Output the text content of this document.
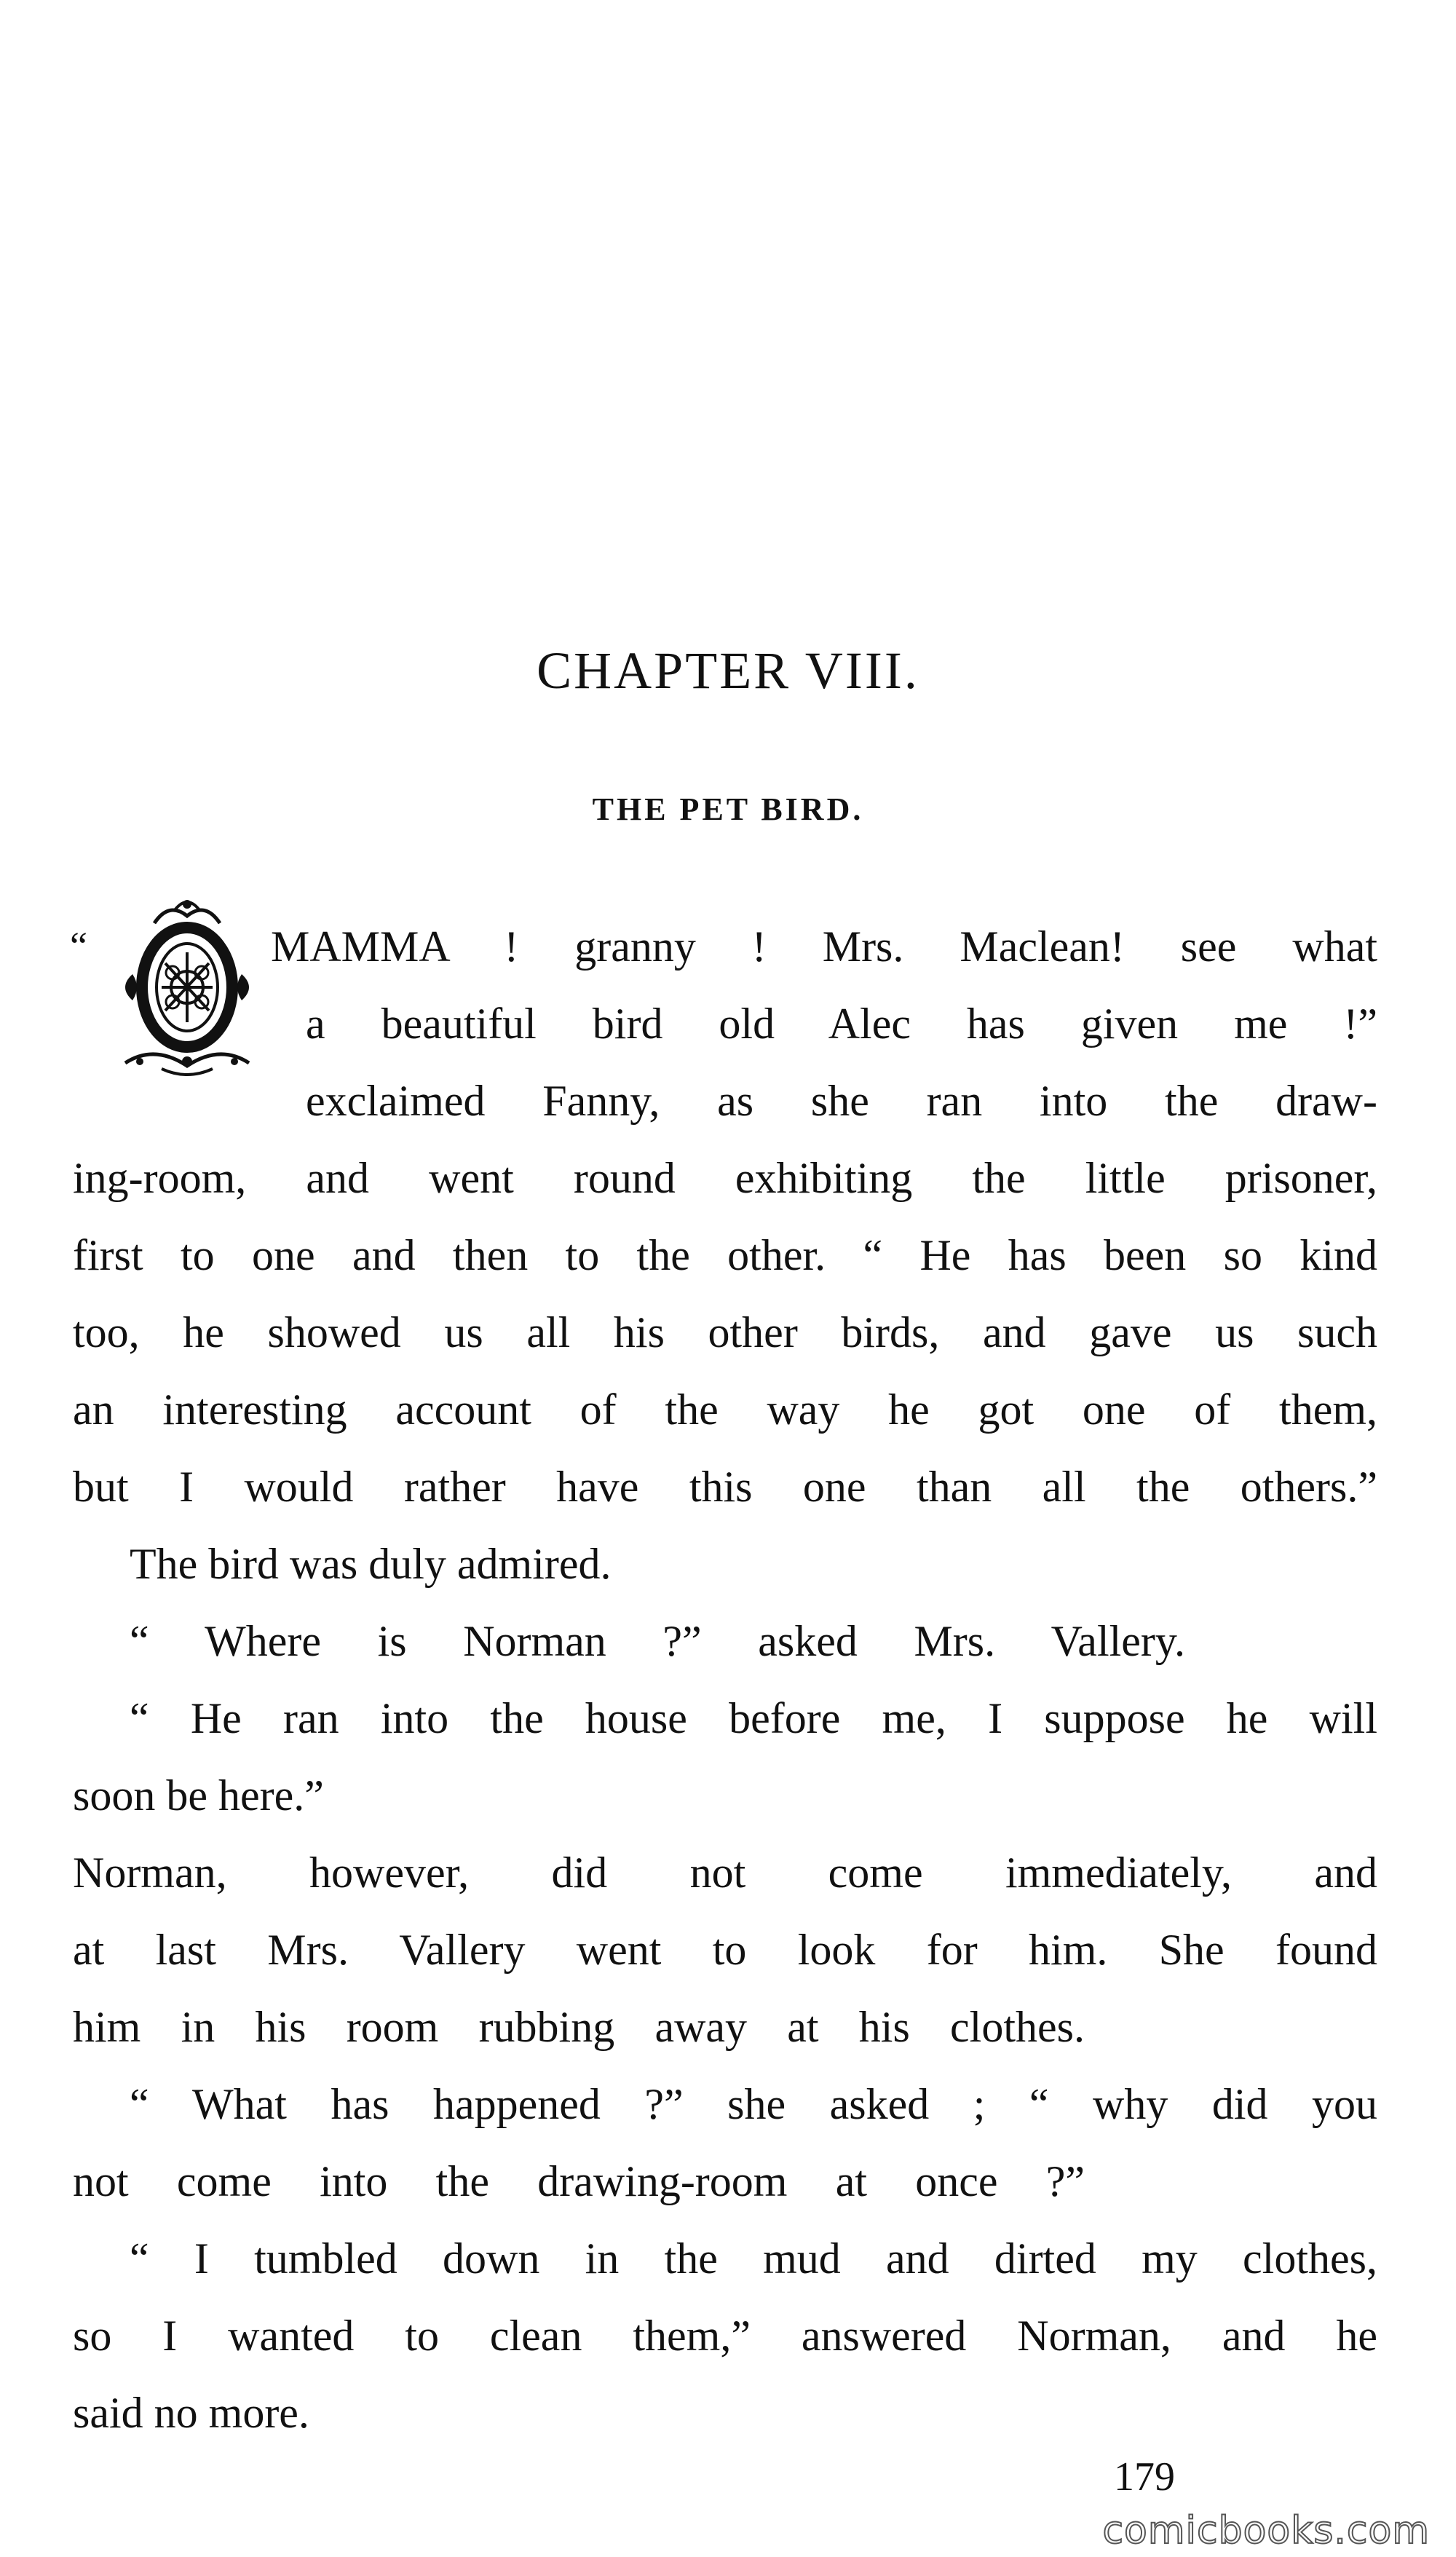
CHAPTER VIII.
THE PET BIRD.
“	MAMMA ! granny ! Mrs. Maclean! see what
a beautiful bird old Alec has given me !”
exclaimed Fanny, as she ran into the draw-
ing-room, and went round exhibiting the little prisoner,
first to one and then to the other. “ He has been so kind
too, he showed us all his other birds, and gave us such
an interesting account of the way he got one of them,
but I would rather have this one than all the others.”
The bird was duly admired.
“ Where is Norman ?” asked Mrs. Vallery.
“ He ran into the house before me, I suppose he will
soon be here.”
Norman, however, did not come immediately, and
at last Mrs. Vallery went to look for him. She found
him in his room rubbing away at his clothes.
“ What has happened ?” she asked ; “ why did you
not come into the drawing-room at once ?”
“ I tumbled down in the mud and dirted my clothes,
so I wanted to clean them,” answered Norman, and he
said no more.
179
comicbooks.com
